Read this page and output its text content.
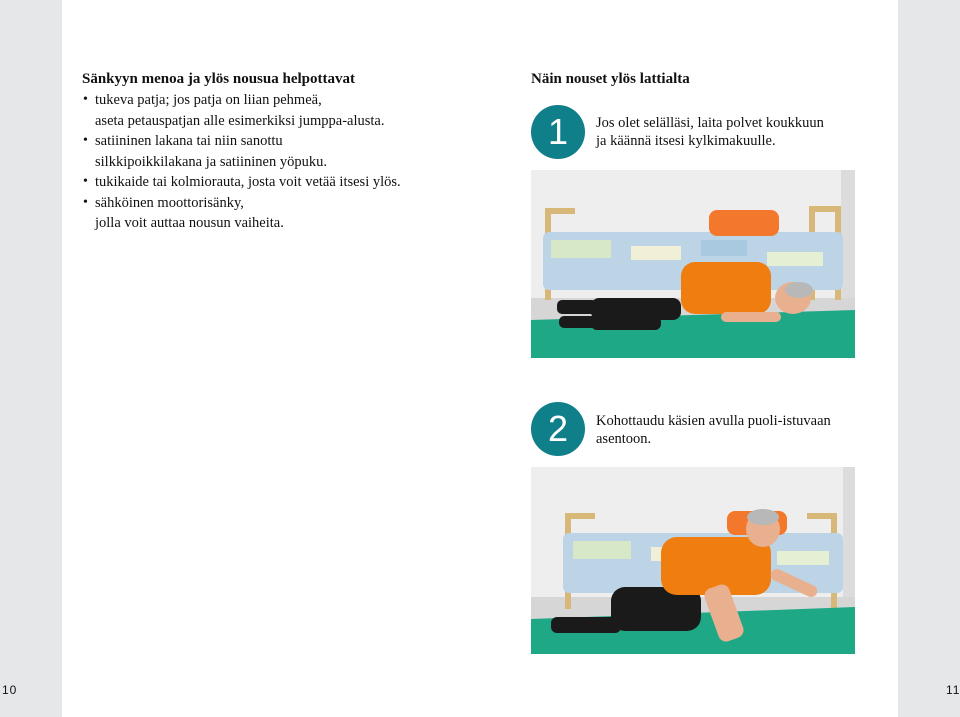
10	11
Sänkyyn menoa ja ylös nousua helpottavat
• tukeva patja; jos patja on liian pehmeä,
aseta petauspatjan alle esimerkiksi jumppa-alusta.
• satiininen lakana tai niin sanottu
silkkipoikkilakana ja satiininen yöpuku.
• tukikaide tai kolmiorauta, josta voit vetää itsesi ylös.
• sähköinen moottorisänky,
jolla voit auttaa nousun vaiheita.
Näin nouset ylös lattialta
1	Jos olet selälläsi, laita polvet koukkuun
ja käännä itsesi kylkimakuulle.
2	Kohottaudu käsien avulla puoli-istuvaan
asentoon.
